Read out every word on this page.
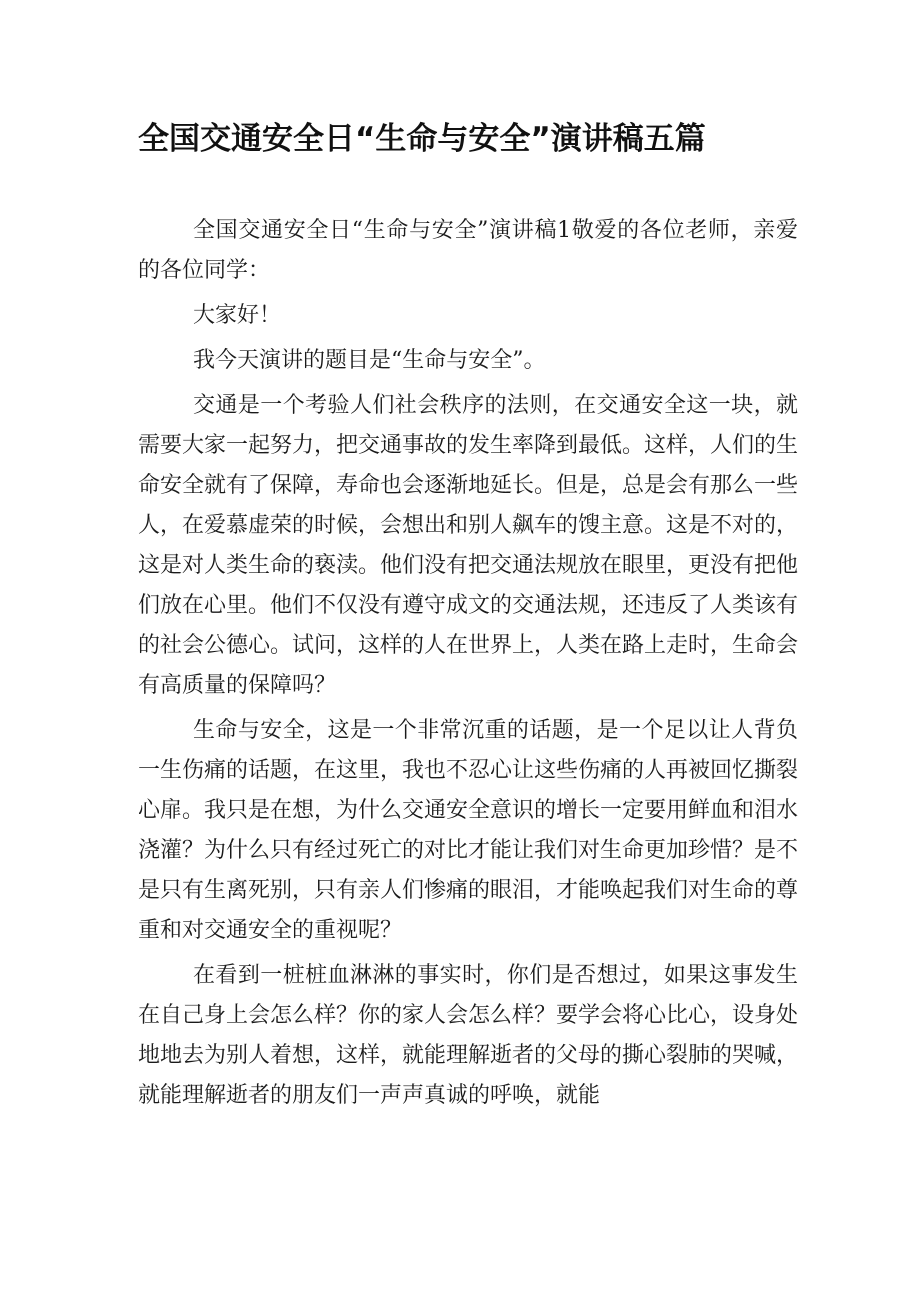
全国交通安全日“生命与安全”演讲稿五篇

全国交通安全日“生命与安全”演讲稿1敬爱的各位老师，亲爱的各位同学：

大家好！

我今天演讲的题目是“生命与安全”。

交通是一个考验人们社会秩序的法则，在交通安全这一块，就需要大家一起努力，把交通事故的发生率降到最低。这样，人们的生命安全就有了保障，寿命也会逐渐地延长。但是，总是会有那么一些人，在爱慕虚荣的时候，会想出和别人飙车的馊主意。这是不对的，这是对人类生命的亵渎。他们没有把交通法规放在眼里，更没有把他们放在心里。他们不仅没有遵守成文的交通法规，还违反了人类该有的社会公德心。试问，这样的人在世界上，人类在路上走时，生命会有高质量的保障吗？

生命与安全，这是一个非常沉重的话题，是一个足以让人背负一生伤痛的话题，在这里，我也不忍心让这些伤痛的人再被回忆撕裂心扉。我只是在想，为什么交通安全意识的增长一定要用鲜血和泪水浇灌？为什么只有经过死亡的对比才能让我们对生命更加珍惜？是不是只有生离死别，只有亲人们惨痛的眼泪，才能唤起我们对生命的尊重和对交通安全的重视呢？

在看到一桩桩血淋淋的事实时，你们是否想过，如果这事发生在自己身上会怎么样？你的家人会怎么样？要学会将心比心，设身处地地去为别人着想，这样，就能理解逝者的父母的撕心裂肺的哭喊，就能理解逝者的朋友们一声声真诚的呼唤，就能
